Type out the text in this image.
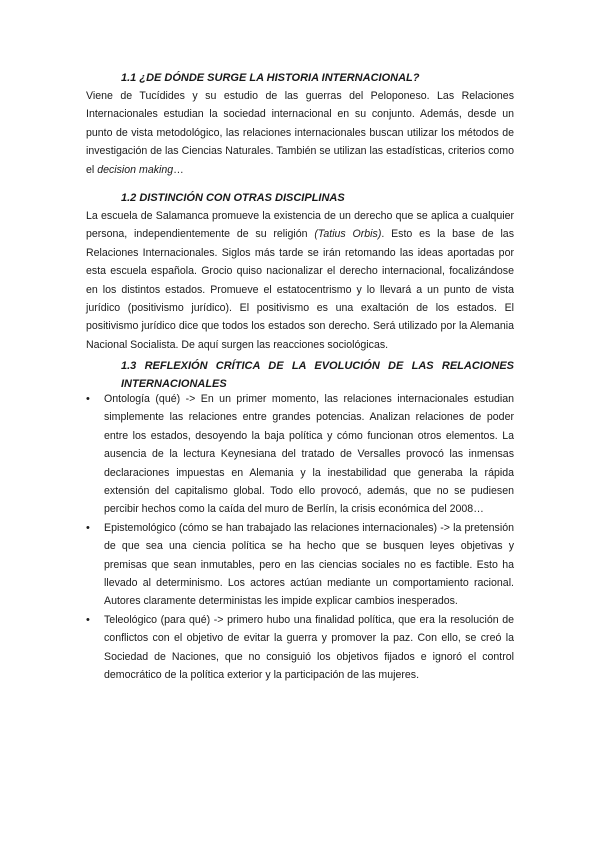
1.1 ¿DE DÓNDE SURGE LA HISTORIA INTERNACIONAL?

Viene de Tucídides y su estudio de las guerras del Peloponeso. Las Relaciones Internacionales estudian la sociedad internacional en su conjunto. Además, desde un punto de vista metodológico, las relaciones internacionales buscan utilizar los métodos de investigación de las Ciencias Naturales. También se utilizan las estadísticas, criterios como el decision making…

1.2 DISTINCIÓN CON OTRAS DISCIPLINAS

La escuela de Salamanca promueve la existencia de un derecho que se aplica a cualquier persona, independientemente de su religión (Tatius Orbis). Esto es la base de las Relaciones Internacionales. Siglos más tarde se irán retomando las ideas aportadas por esta escuela española. Grocio quiso nacionalizar el derecho internacional, focalizándose en los distintos estados. Promueve el estatocentrismo y lo llevará a un punto de vista jurídico (positivismo jurídico). El positivismo es una exaltación de los estados. El positivismo jurídico dice que todos los estados son derecho. Será utilizado por la Alemania Nacional Socialista. De aquí surgen las reacciones sociológicas.

1.3 REFLEXIÓN CRÍTICA DE LA EVOLUCIÓN DE LAS RELACIONES INTERNACIONALES
•	Ontología (qué) -> En un primer momento, las relaciones internacionales estudian simplemente las relaciones entre grandes potencias. Analizan relaciones de poder entre los estados, desoyendo la baja política y cómo funcionan otros elementos. La ausencia de la lectura Keynesiana del tratado de Versalles provocó las inmensas declaraciones impuestas en Alemania y la inestabilidad que generaba la rápida extensión del capitalismo global. Todo ello provocó, además, que no se pudiesen percibir hechos como la caída del muro de Berlín, la crisis económica del 2008…
•	Epistemológico (cómo se han trabajado las relaciones internacionales) -> la pretensión de que sea una ciencia política se ha hecho que se busquen leyes objetivas y premisas que sean inmutables, pero en las ciencias sociales no es factible. Esto ha llevado al determinismo. Los actores actúan mediante un comportamiento racional. Autores claramente deterministas les impide explicar cambios inesperados.
•	Teleológico (para qué) -> primero hubo una finalidad política, que era la resolución de conflictos con el objetivo de evitar la guerra y promover la paz. Con ello, se creó la Sociedad de Naciones, que no consiguió los objetivos fijados e ignoró el control democrático de la política exterior y la participación de las mujeres.
